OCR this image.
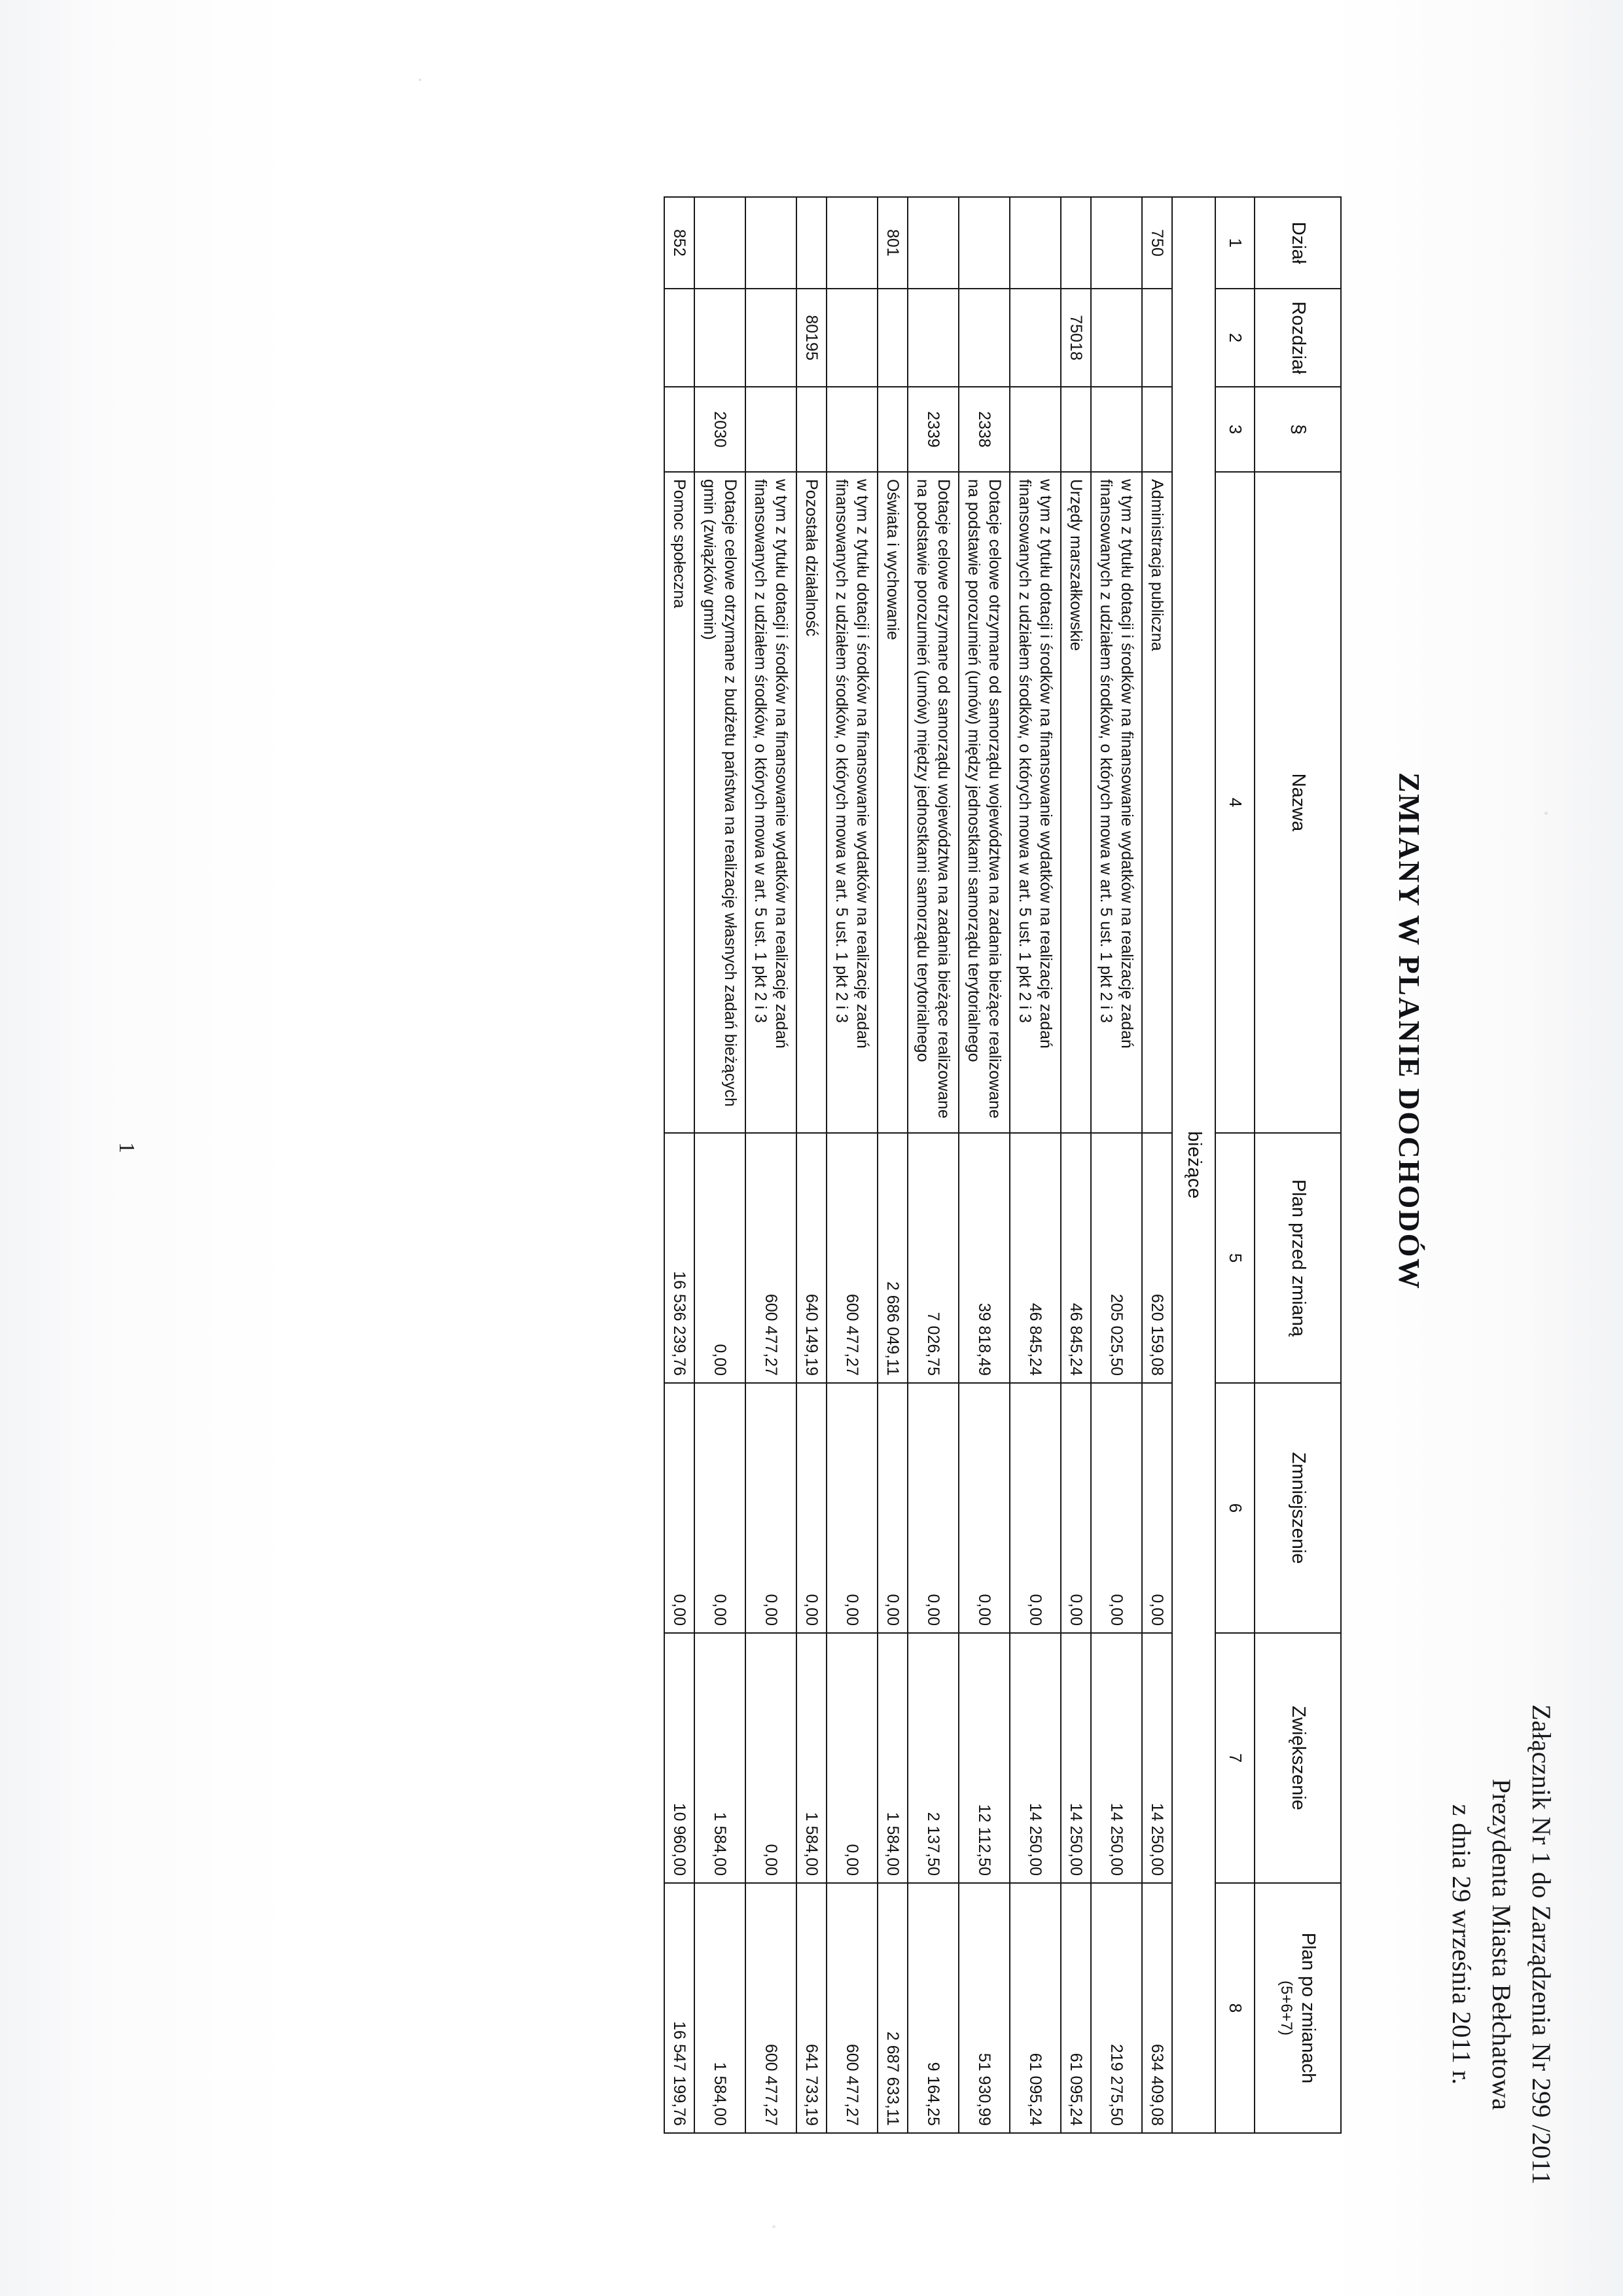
Załącznik Nr 1 do Zarządzenia Nr 299 /2011
Prezydenta Miasta Bełchatowa
z dnia 29 września 2011 r.
ZMIANY W PLANIE DOCHODÓW
1
Dział	Rozdział	§	Nazwa	Plan przed zmianą	Zmniejszenie	Zwiększenie	Plan po zmianach
(5+6+7)

1	2	3	4	5	6	7	8
bieżące							
750			Administracja publiczna	620 159,08	0,00	14 250,00	634 409,08
			w tym z tytułu dotacji i środków na finansowanie wydatków na realizację zadań finansowanych z udziałem środków, o których mowa w art. 5 ust. 1 pkt 2 i 3	205 025,50	0,00	14 250,00	219 275,50
	75018		Urzędy marszałkowskie	46 845,24	0,00	14 250,00	61 095,24
			w tym z tytułu dotacji i środków na finansowanie wydatków na realizację zadań finansowanych z udziałem środków, o których mowa w art. 5 ust. 1 pkt 2 i 3	46 845,24	0,00	14 250,00	61 095,24
		2338	Dotacje celowe otrzymane od samorządu województwa na zadania bieżące realizowane na podstawie porozumień (umów) między jednostkami samorządu terytorialnego	39 818,49	0,00	12 112,50	51 930,99
		2339	Dotacje celowe otrzymane od samorządu województwa na zadania bieżące realizowane na podstawie porozumień (umów) między jednostkami samorządu terytorialnego	7 026,75	0,00	2 137,50	9 164,25
801			Oświata i wychowanie	2 686 049,11	0,00	1 584,00	2 687 633,11
			w tym z tytułu dotacji i środków na finansowanie wydatków na realizację zadań finansowanych z udziałem środków, o których mowa w art. 5 ust. 1 pkt 2 i 3	600 477,27	0,00	0,00	600 477,27
	80195		Pozostała działalność	640 149,19	0,00	1 584,00	641 733,19
			w tym z tytułu dotacji i środków na finansowanie wydatków na realizację zadań finansowanych z udziałem środków, o których mowa w art. 5 ust. 1 pkt 2 i 3	600 477,27	0,00	0,00	600 477,27
		2030	Dotacje celowe otrzymane z budżetu państwa na realizację własnych zadań bieżących gmin (związków gmin)	0,00	0,00	1 584,00	1 584,00
852			Pomoc społeczna	16 536 239,76	0,00	10 960,00	16 547 199,76
